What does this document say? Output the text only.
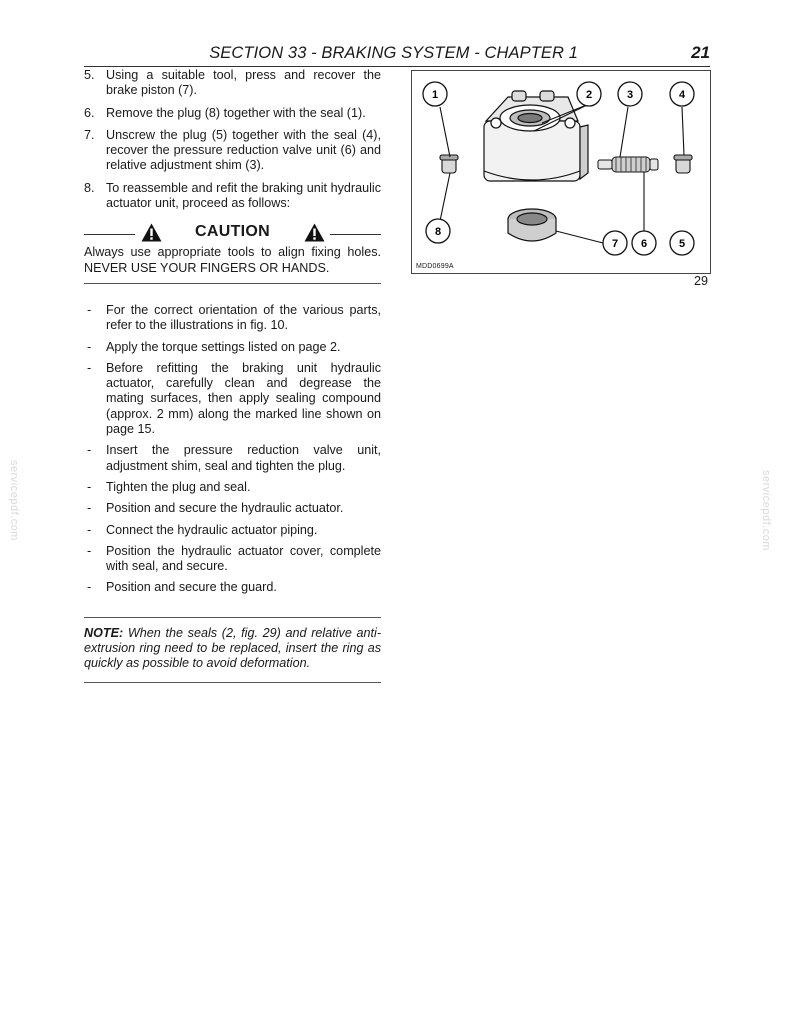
SECTION 33 - BRAKING SYSTEM - CHAPTER 1	21
5. Using a suitable tool, press and recover the brake piston (7).
6. Remove the plug (8) together with the seal (1).
7. Unscrew the plug (5) together with the seal (4), recover the pressure reduction valve unit (6) and relative adjustment shim (3).
8. To reassemble and refit the braking unit hydraulic actuator unit, proceed as follows:
CAUTION
Always use appropriate tools to align fixing holes. NEVER USE YOUR FINGERS OR HANDS.
- For the correct orientation of the various parts, refer to the illustrations in fig. 10.
- Apply the torque settings listed on page 2.
- Before refitting the braking unit hydraulic actuator, carefully clean and degrease the mating surfaces, then apply sealing compound (approx. 2 mm) along the marked line shown on page 15.
- Insert the pressure reduction valve unit, adjustment shim, seal and tighten the plug.
- Tighten the plug and seal.
- Position and secure the hydraulic actuator.
- Connect the hydraulic actuator piping.
- Position the hydraulic actuator cover, complete with seal, and secure.
- Position and secure the guard.
NOTE: When the seals (2, fig. 29) and relative anti-extrusion ring need to be replaced, insert the ring as quickly as possible to avoid deformation.
1	2	3	4
5
6
7
8
MDD0699A
29
servicepdf.com	servicepdf.com
